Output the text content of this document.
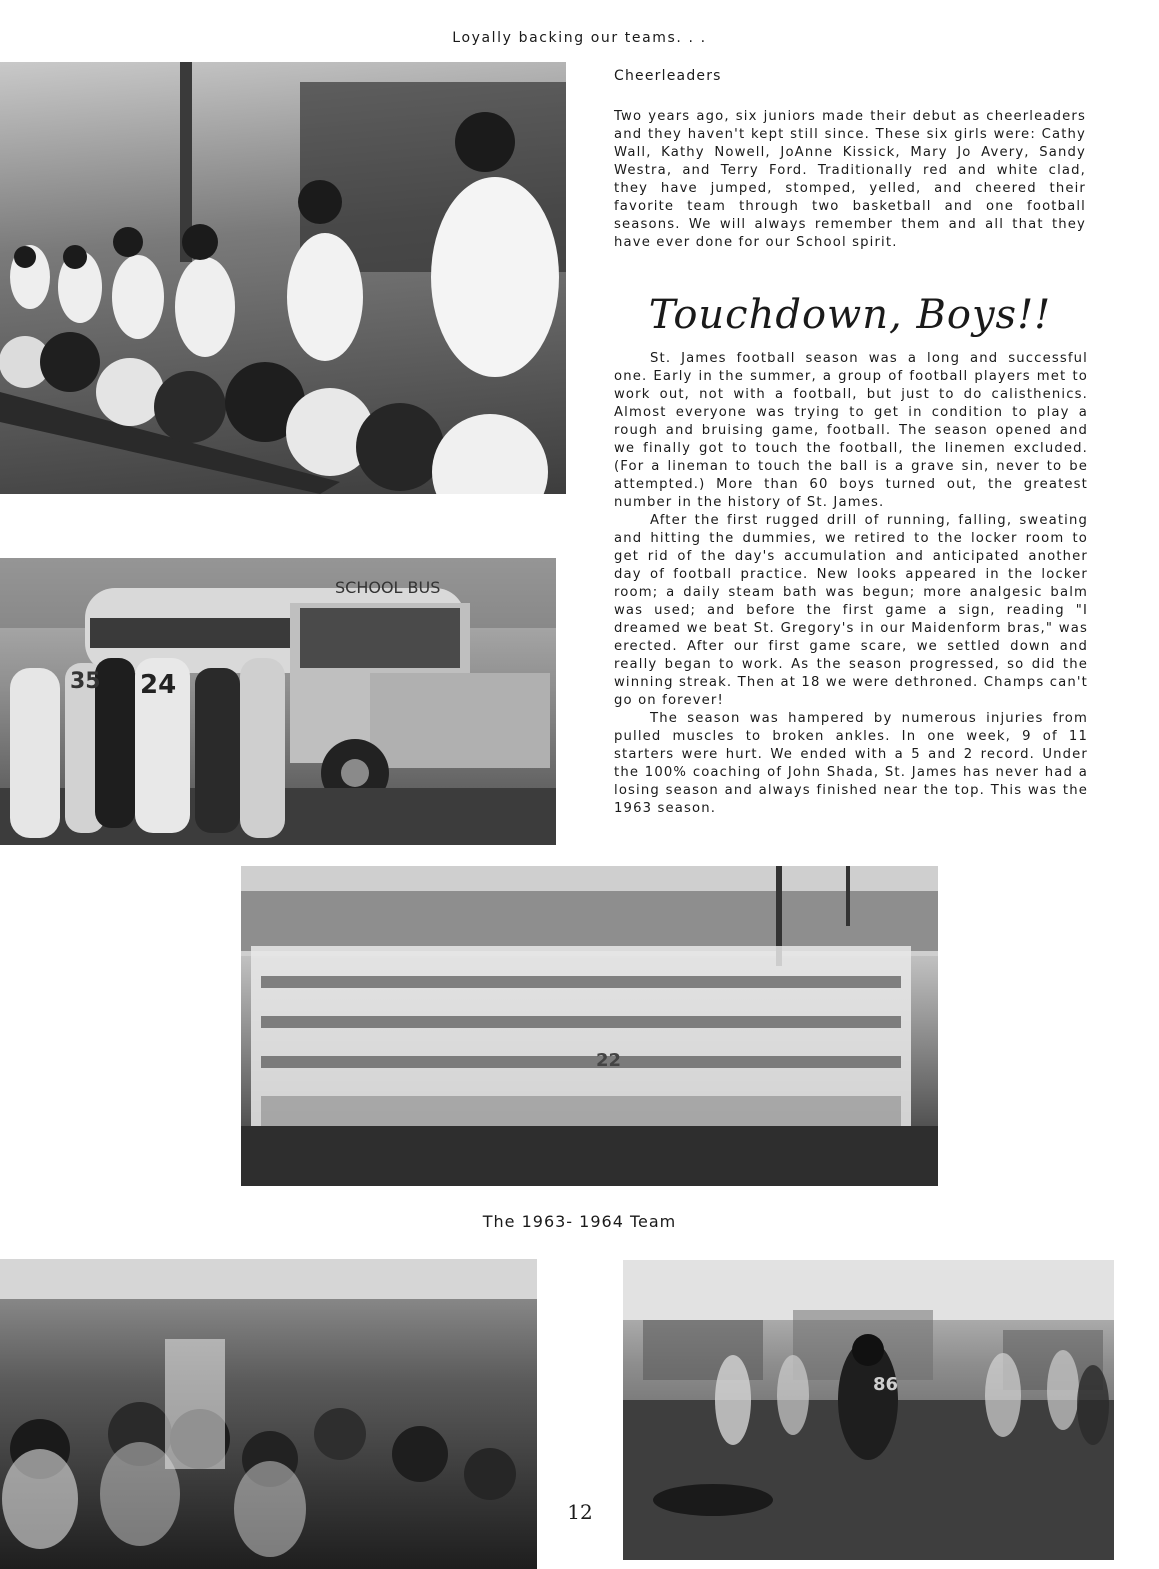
Loyally backing our teams. . .
Cheerleaders

Two years ago, six juniors made their debut as cheerleaders and they haven't kept still since. These six girls were: Cathy Wall, Kathy Nowell, JoAnne Kissick, Mary Jo Avery, Sandy Westra, and Terry Ford. Traditionally red and white clad, they have jumped, stomped, yelled, and cheered their favorite team through two basketball and one football seasons. We will always remember them and all that they have ever done for our School spirit.

Touchdown, Boys!!

St. James football season was a long and successful one. Early in the summer, a group of football players met to work out, not with a football, but just to do calisthenics. Almost everyone was trying to get in condition to play a rough and bruising game, football. The season opened and we finally got to touch the football, the linemen excluded. (For a lineman to touch the ball is a grave sin, never to be attempted.) More than 60 boys turned out, the greatest number in the history of St. James.

After the first rugged drill of running, falling, sweating and hitting the dummies, we retired to the locker room to get rid of the day's accumulation and anticipated another day of football practice. New looks appeared in the locker room; a daily steam bath was begun; more analgesic balm was used; and before the first game a sign, reading "I dreamed we beat St. Gregory's in our Maidenform bras," was erected. After our first game scare, we settled down and really began to work. As the season progressed, so did the winning streak. Then at 18 we were dethroned. Champs can't go on forever!

The season was hampered by numerous injuries from pulled muscles to broken ankles. In one week, 9 of 11 starters were hurt. We ended with a 5 and 2 record. Under the 100% coaching of John Shada, St. James has never had a losing season and always finished near the top. This was the 1963 season.

24
35
SCHOOL BUS
22
The 1963- 1964 Team
12
86
